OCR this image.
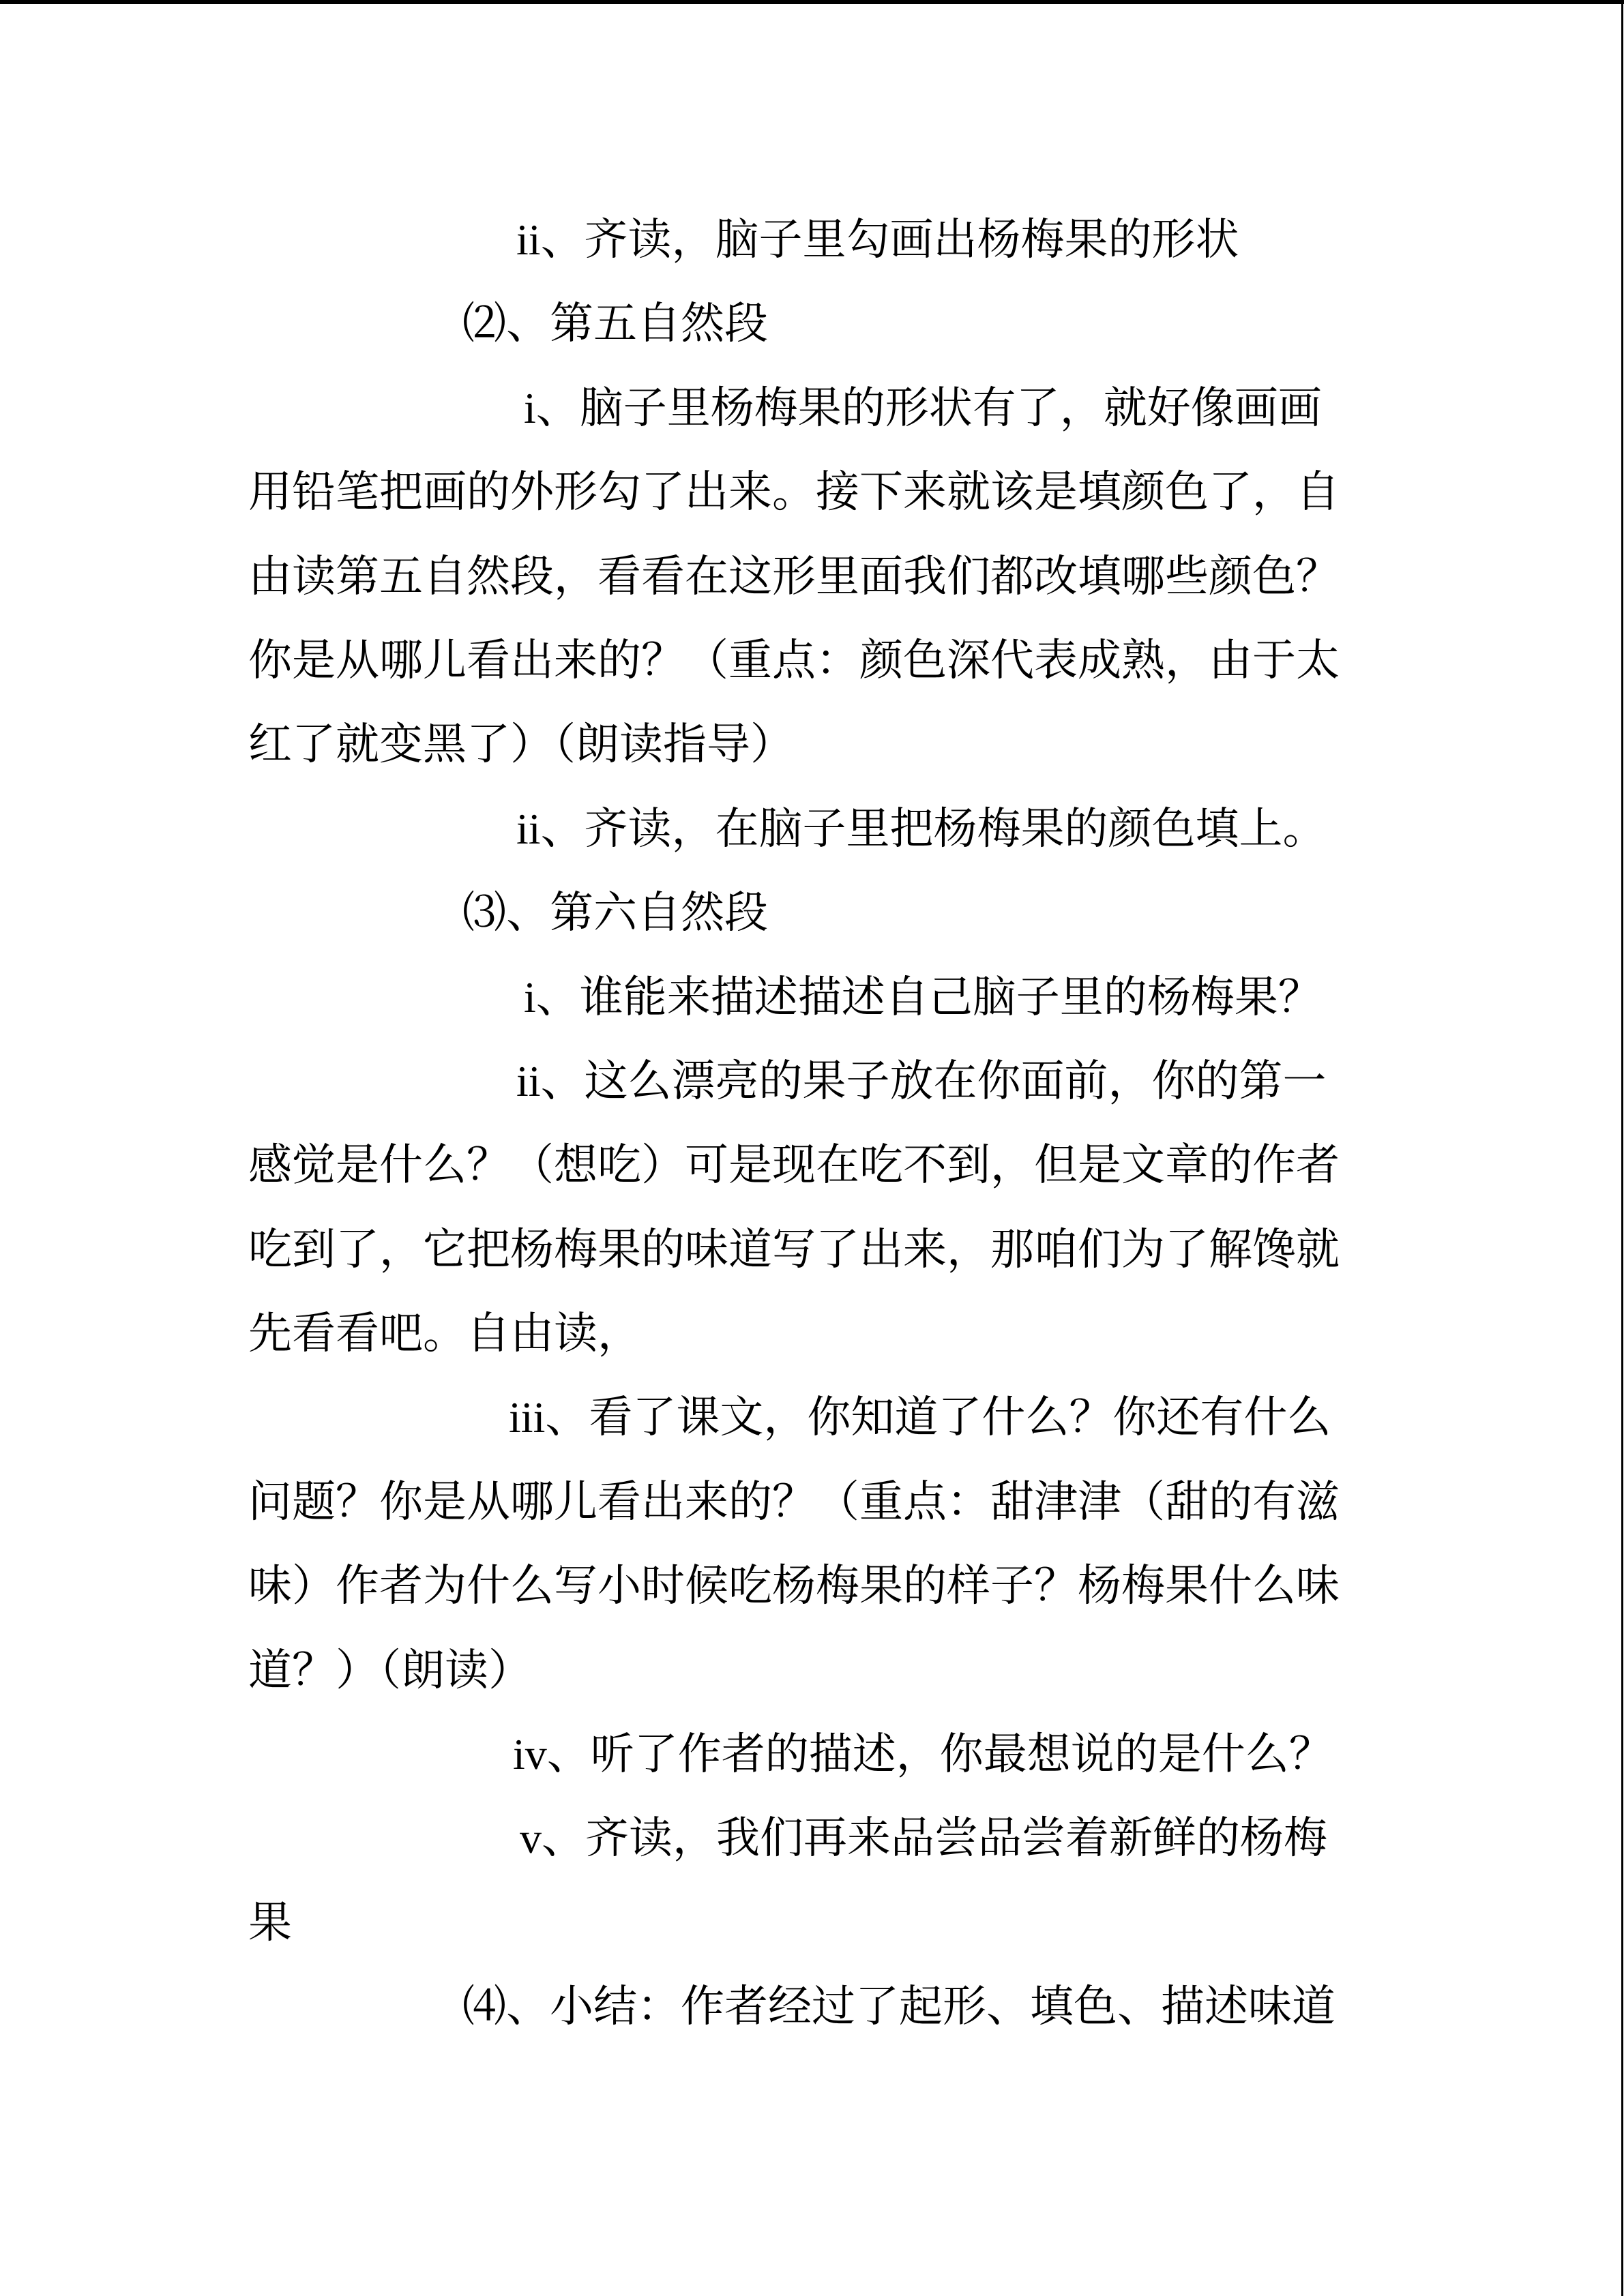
ii、齐读，脑子里勾画出杨梅果的形状
⑵、第五自然段
i、脑子里杨梅果的形状有了，就好像画画
用铅笔把画的外形勾了出来。接下来就该是填颜色了，自
由读第五自然段，看看在这形里面我们都改填哪些颜色？
你是从哪儿看出来的？（重点：颜色深代表成熟，由于太
红了就变黑了）（朗读指导）
ii、齐读，在脑子里把杨梅果的颜色填上。
⑶、第六自然段
i、谁能来描述描述自己脑子里的杨梅果？
ii、这么漂亮的果子放在你面前，你的第一
感觉是什么？（想吃）可是现在吃不到，但是文章的作者
吃到了，它把杨梅果的味道写了出来，那咱们为了解馋就
先看看吧。自由读，
iii、看了课文，你知道了什么？你还有什么
问题？你是从哪儿看出来的？（重点：甜津津（甜的有滋
味）作者为什么写小时候吃杨梅果的样子？杨梅果什么味
道？）（朗读）
iv、听了作者的描述，你最想说的是什么？
v、齐读，我们再来品尝品尝着新鲜的杨梅
果
⑷、小结：作者经过了起形、填色、描述味道
